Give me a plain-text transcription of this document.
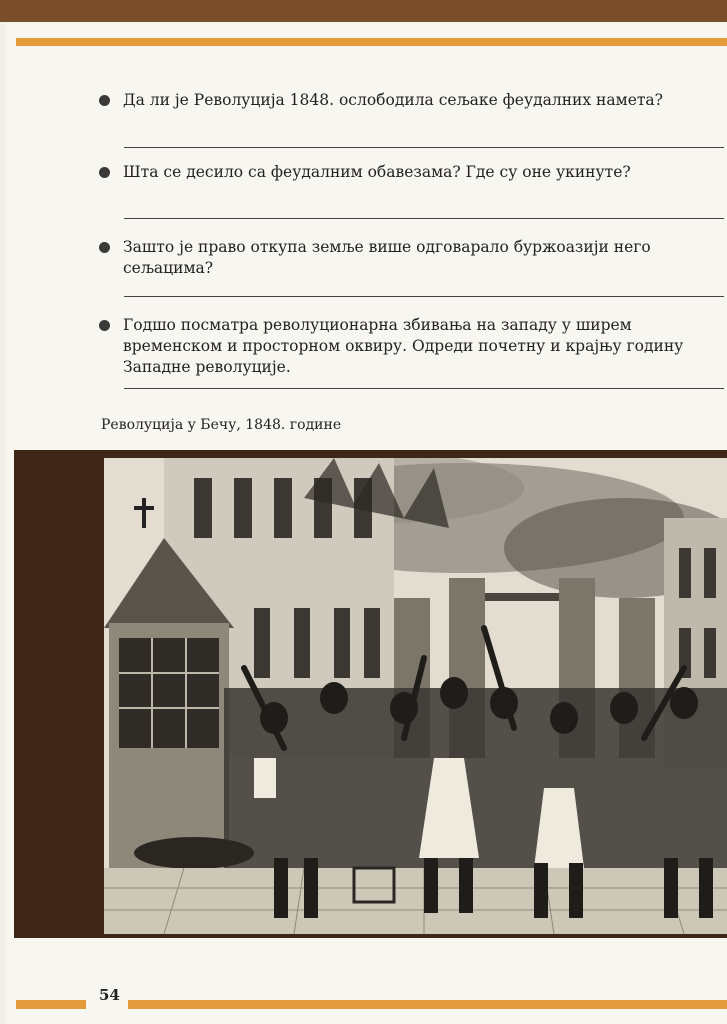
Да ли је Револуција 1848. ослободила сељаке феудалних намета?
Шта се десило са феудалним обавезама? Где су оне укинуте?
Зашто је право откупа земље више одговарало буржоазији него сељацима?
Годшо посматра револуционарна збивања на западу у ширем временском и просторном оквиру. Одреди почетну и крајњу годину Западне револуције.
Револуција у Бечу, 1848. године
54
